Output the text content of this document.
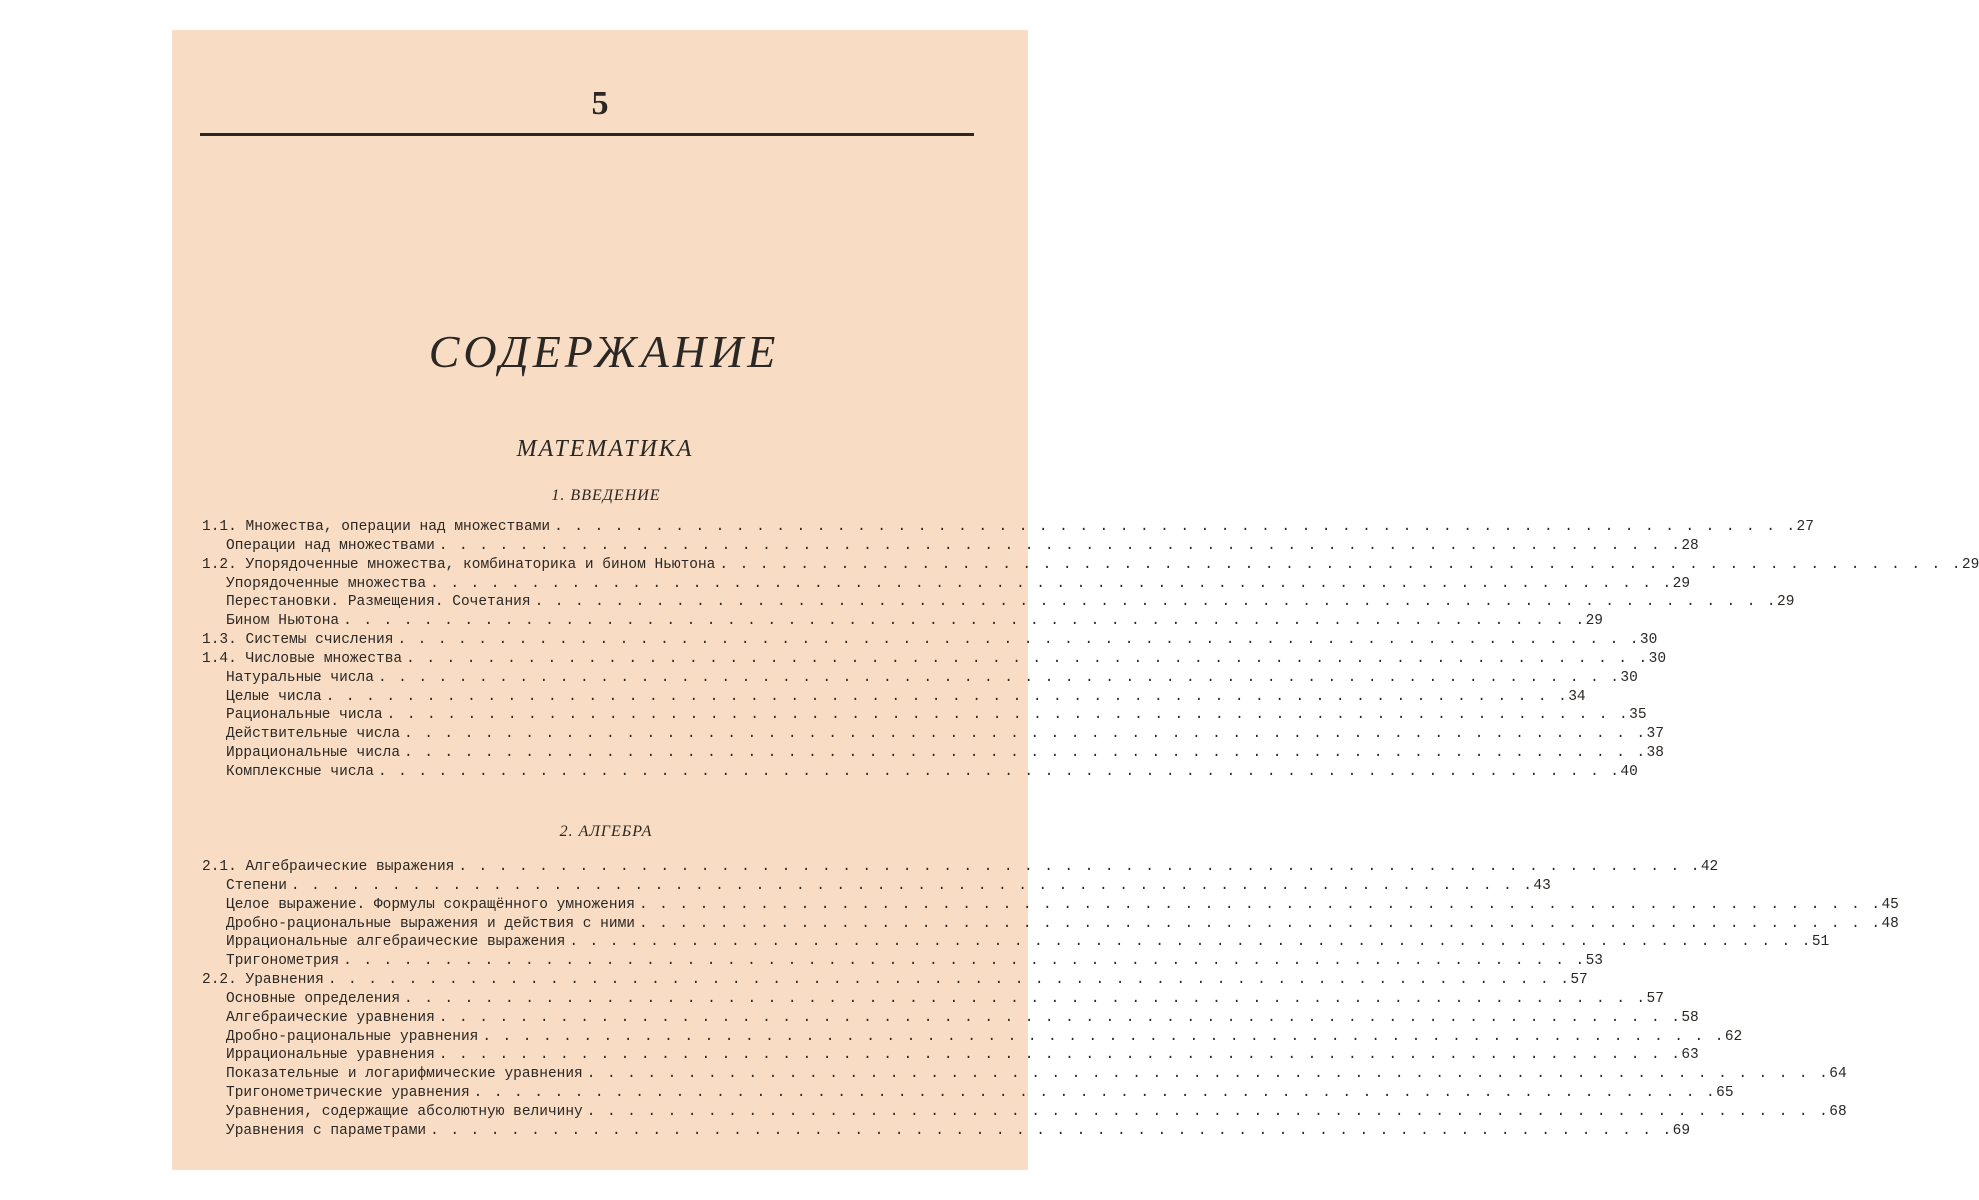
5
СОДЕРЖАНИЕ
МАТЕМАТИКА
1. ВВЕДЕНИЕ
1.1. Множества, операции над множествами . . . . . . . . . . . . . . . . . . . . . . . . . . . . . . . . . . . . . . . . . . . . . . . . . . . . . . . . . . . . . . 27
Операции над множествами . . . . . . . . . . . . . . . . . . . . . . . . . . . . . . . . . . . . . . . . . . . . . . . . . . . . . . . . . . . . . . 28
1.2. Упорядоченные множества, комбинаторика и бином Ньютона . . . . . . . . . . . . . . . . . . . . . . . . . . . . . . . . . . . . . . . . . . . . . . . . . . . . . . . . . . . . . . 29
Упорядоченные множества . . . . . . . . . . . . . . . . . . . . . . . . . . . . . . . . . . . . . . . . . . . . . . . . . . . . . . . . . . . . . . 29
Перестановки. Размещения. Сочетания . . . . . . . . . . . . . . . . . . . . . . . . . . . . . . . . . . . . . . . . . . . . . . . . . . . . . . . . . . . . . . 29
Бином Ньютона . . . . . . . . . . . . . . . . . . . . . . . . . . . . . . . . . . . . . . . . . . . . . . . . . . . . . . . . . . . . . . 29
1.3. Системы счисления . . . . . . . . . . . . . . . . . . . . . . . . . . . . . . . . . . . . . . . . . . . . . . . . . . . . . . . . . . . . . . 30
1.4. Числовые множества . . . . . . . . . . . . . . . . . . . . . . . . . . . . . . . . . . . . . . . . . . . . . . . . . . . . . . . . . . . . . . 30
Натуральные числа . . . . . . . . . . . . . . . . . . . . . . . . . . . . . . . . . . . . . . . . . . . . . . . . . . . . . . . . . . . . . . 30
Целые числа . . . . . . . . . . . . . . . . . . . . . . . . . . . . . . . . . . . . . . . . . . . . . . . . . . . . . . . . . . . . . . 34
Рациональные числа . . . . . . . . . . . . . . . . . . . . . . . . . . . . . . . . . . . . . . . . . . . . . . . . . . . . . . . . . . . . . . 35
Действительные числа . . . . . . . . . . . . . . . . . . . . . . . . . . . . . . . . . . . . . . . . . . . . . . . . . . . . . . . . . . . . . . 37
Иррациональные числа . . . . . . . . . . . . . . . . . . . . . . . . . . . . . . . . . . . . . . . . . . . . . . . . . . . . . . . . . . . . . . 38
Комплексные числа . . . . . . . . . . . . . . . . . . . . . . . . . . . . . . . . . . . . . . . . . . . . . . . . . . . . . . . . . . . . . . 40
2. АЛГЕБРА
2.1. Алгебраические выражения . . . . . . . . . . . . . . . . . . . . . . . . . . . . . . . . . . . . . . . . . . . . . . . . . . . . . . . . . . . . . . 42
Степени . . . . . . . . . . . . . . . . . . . . . . . . . . . . . . . . . . . . . . . . . . . . . . . . . . . . . . . . . . . . . . 43
Целое выражение. Формулы сокращённого умножения . . . . . . . . . . . . . . . . . . . . . . . . . . . . . . . . . . . . . . . . . . . . . . . . . . . . . . . . . . . . . . 45
Дробно-рациональные выражения и действия с ними . . . . . . . . . . . . . . . . . . . . . . . . . . . . . . . . . . . . . . . . . . . . . . . . . . . . . . . . . . . . . . 48
Иррациональные алгебраические выражения . . . . . . . . . . . . . . . . . . . . . . . . . . . . . . . . . . . . . . . . . . . . . . . . . . . . . . . . . . . . . . 51
Тригонометрия . . . . . . . . . . . . . . . . . . . . . . . . . . . . . . . . . . . . . . . . . . . . . . . . . . . . . . . . . . . . . . 53
2.2. Уравнения . . . . . . . . . . . . . . . . . . . . . . . . . . . . . . . . . . . . . . . . . . . . . . . . . . . . . . . . . . . . . . 57
Основные определения . . . . . . . . . . . . . . . . . . . . . . . . . . . . . . . . . . . . . . . . . . . . . . . . . . . . . . . . . . . . . . 57
Алгебраические уравнения . . . . . . . . . . . . . . . . . . . . . . . . . . . . . . . . . . . . . . . . . . . . . . . . . . . . . . . . . . . . . . 58
Дробно-рациональные уравнения . . . . . . . . . . . . . . . . . . . . . . . . . . . . . . . . . . . . . . . . . . . . . . . . . . . . . . . . . . . . . . 62
Иррациональные уравнения . . . . . . . . . . . . . . . . . . . . . . . . . . . . . . . . . . . . . . . . . . . . . . . . . . . . . . . . . . . . . . 63
Показательные и логарифмические уравнения . . . . . . . . . . . . . . . . . . . . . . . . . . . . . . . . . . . . . . . . . . . . . . . . . . . . . . . . . . . . . . 64
Тригонометрические уравнения . . . . . . . . . . . . . . . . . . . . . . . . . . . . . . . . . . . . . . . . . . . . . . . . . . . . . . . . . . . . . . 65
Уравнения, содержащие абсолютную величину . . . . . . . . . . . . . . . . . . . . . . . . . . . . . . . . . . . . . . . . . . . . . . . . . . . . . . . . . . . . . . 68
Уравнения с параметрами . . . . . . . . . . . . . . . . . . . . . . . . . . . . . . . . . . . . . . . . . . . . . . . . . . . . . . . . . . . . . . 69
